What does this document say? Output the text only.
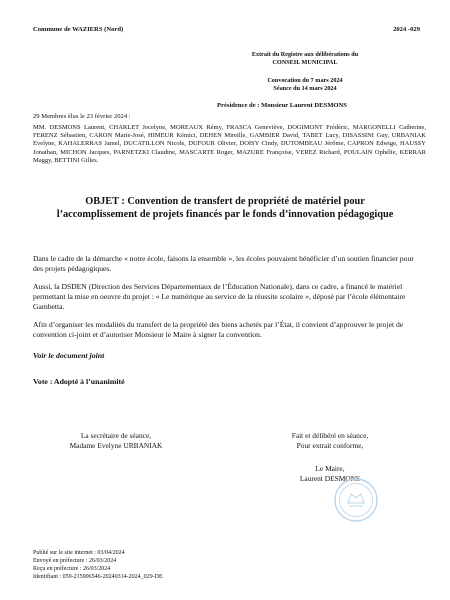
Commune de WAZIERS (Nord)	2024 -029
Extrait du Registre aux délibérations du
CONSEIL MUNICIPAL
Convocation du 7 mars 2024
Séance du 14 mars 2024
Présidence de : Monsieur Laurent DESMONS
29 Membres élus le 23 février 2024 :
MM. DESMONS Laurent, CHARLET Jocelyne, MOREAUX Rémy, FRASCA Geneviève, DOGIMONT Frédéric, MARGONELLI Catherine, FERENZ Sébastien, CARON Marie-José, HIMEUR Kémici, DEHEN Mireille, GAMBIER David, TABET Lucy, DISASSINI Guy, URBANIAK Evelyne, KAHALERRAS Jamel, DUCATILLON Nicole, DUFOUR Olivier, DOISY Cindy, DUTOMBEAU Jérôme, CAPRON Edwige, HAUSSY Jonathan, MICHON Jacques, PARNETZKI Claudine, MASCARTE Roger, MAZURE Françoise, VEREZ Richard, POULAIN Ophélie, KERRAR Maggy, BETTINI Gilles.
OBJET : Convention de transfert de propriété de matériel pour
l’accomplissement de projets financés par le fonds d’innovation pédagogique
Dans le cadre de la démarche « notre école, faisons la ensemble », les écoles pouvaient bénéficier d’un soutien financier pour des projets pédagogiques.
Aussi, la DSDEN (Direction des Services Départementaux de l’Éducation Nationale), dans ce cadre, a financé le matériel permettant la mise en oeuvre du projet : « Le numérique au service de la réussite scolaire », déposé par l’école élémentaire Gambetta.
Afin d’organiser les modalités du transfert de la propriété des biens achetés par l’État, il convient d’approuver le projet de convention ci-joint et d’autoriser Monsieur le Maire à signer la convention.
Voir le document joint
Vote : Adopté à l’unanimité
La secrétaire de séance,
Madame Evelyne URBANIAK
Fait et délibéré en séance,
Pour extrait conforme,
Le Maire,
Laurent DESMONS
Publié sur le site internet : 03/04/2024
Envoyé en préfecture : 26/03/2024
Reçu en préfecture : 26/03/2024
Identifiant : 059-215906546-20240314-2024_029-DE
